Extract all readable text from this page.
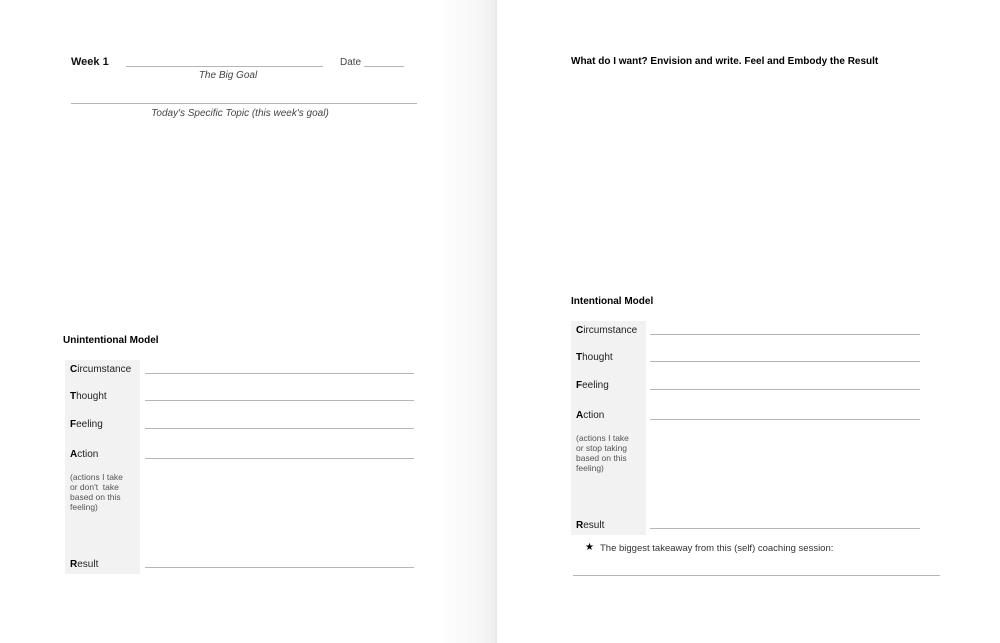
Week 1	Date
The Big Goal
Today's Specific Topic (this week's goal)
Unintentional Model
Circumstance
Thought
Feeling
Action
(actions I take
or don't  take
based on this
feeling)
Result
What do I want? Envision and write. Feel and Embody the Result
Intentional Model
Circumstance
Thought
Feeling
Action
(actions I take
or stop taking
based on this
feeling)
Result
★ The biggest takeaway from this (self) coaching session:
